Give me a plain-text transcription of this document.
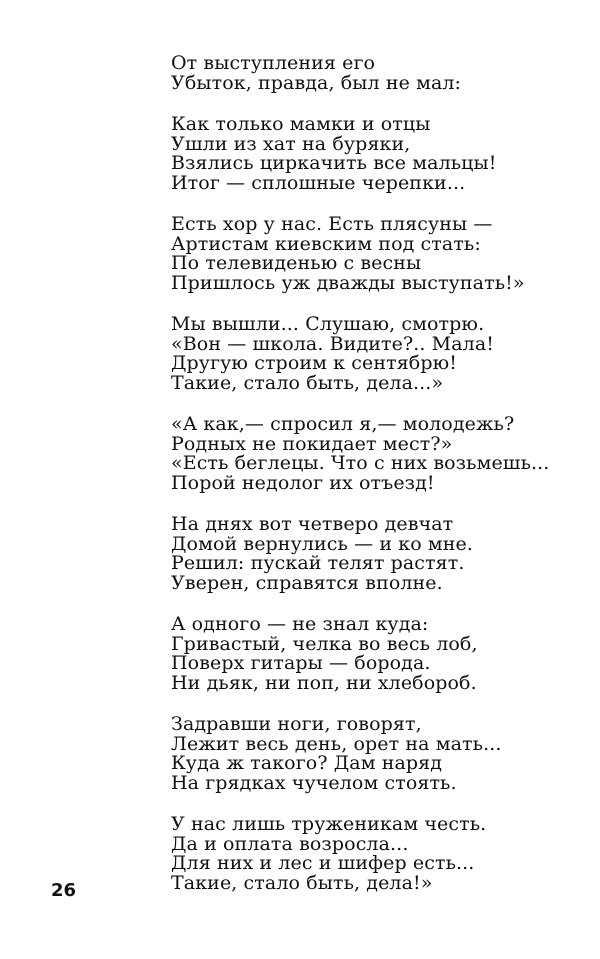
От выступления его
Убыток, правда, был не мал:
Как только мамки и отцы
Ушли из хат на буряки,
Взялись циркачить все мальцы!
Итог — сплошные черепки...
Есть хор у нас. Есть плясуны —
Артистам киевским под стать:
По телевиденью с весны
Пришлось уж дважды выступать!»
Мы вышли... Слушаю, смотрю.
«Вон — школа. Видите?.. Мала!
Другую строим к сентябрю!
Такие, стало быть, дела...»
«А как,— спросил я,— молодежь?
Родных не покидает мест?»
«Есть беглецы. Что с них возьмешь...
Порой недолог их отъезд!
На днях вот четверо девчат
Домой вернулись — и ко мне.
Решил: пускай телят растят.
Уверен, справятся вполне.
А одного — не знал куда:
Гривастый, челка во весь лоб,
Поверх гитары — борода.
Ни дьяк, ни поп, ни хлебороб.
Задравши ноги, говорят,
Лежит весь день, орет на мать...
Куда ж такого? Дам наряд
На грядках чучелом стоять.
У нас лишь труженикам честь.
Да и оплата возросла...
Для них и лес и шифер есть...
Такие, стало быть, дела!»
26
